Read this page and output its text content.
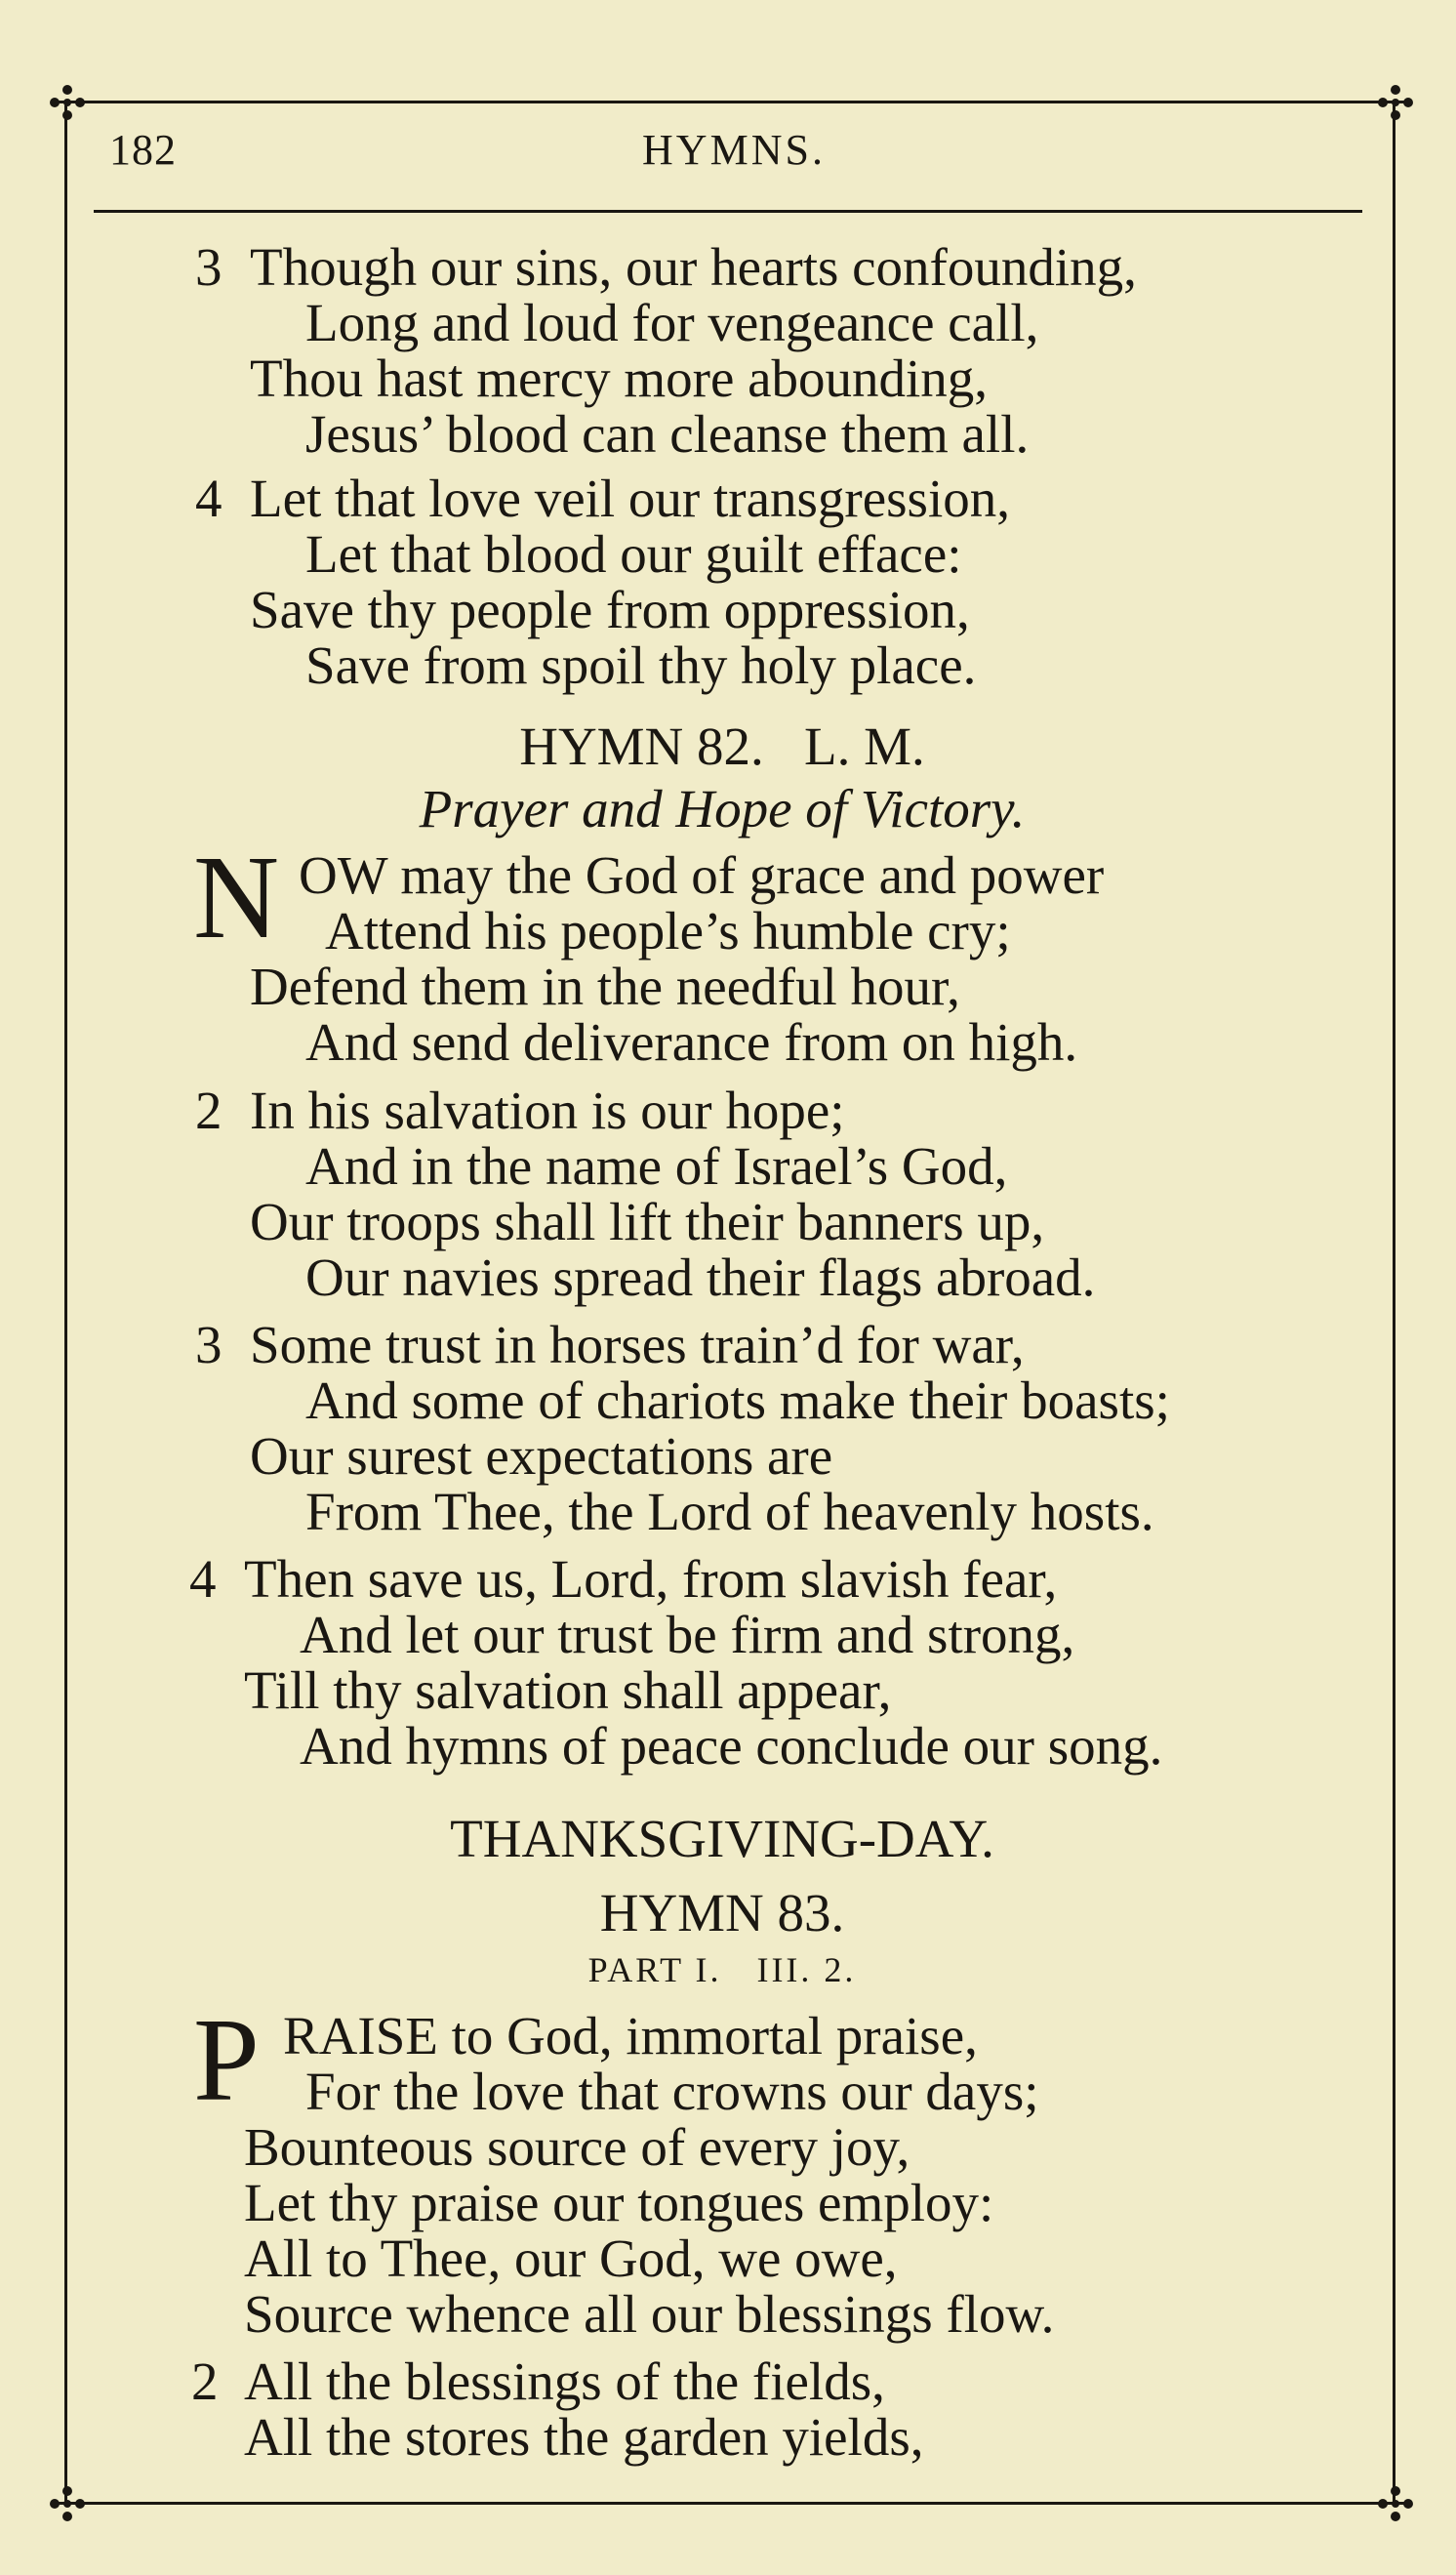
182	HYMNS.
3 Though our sins, our hearts confounding,
Long and loud for vengeance call,
Thou hast mercy more abounding,
Jesus’ blood can cleanse them all.
4 Let that love veil our transgression,
Let that blood our guilt efface:
Save thy people from oppression,
Save from spoil thy holy place.
HYMN 82.   L. M.
Prayer and Hope of Victory.
N OW may the God of grace and power
Attend his people’s humble cry;
Defend them in the needful hour,
And send deliverance from on high.
2 In his salvation is our hope;
And in the name of Israel’s God,
Our troops shall lift their banners up,
Our navies spread their flags abroad.
3 Some trust in horses train’d for war,
And some of chariots make their boasts;
Our surest expectations are
From Thee, the Lord of heavenly hosts.
4 Then save us, Lord, from slavish fear,
And let our trust be firm and strong,
Till thy salvation shall appear,
And hymns of peace conclude our song.
THANKSGIVING-DAY.
HYMN 83.
PART I.   III. 2.
P RAISE to God, immortal praise,
For the love that crowns our days;
Bounteous source of every joy,
Let thy praise our tongues employ:
All to Thee, our God, we owe,
Source whence all our blessings flow.
2 All the blessings of the fields,
All the stores the garden yields,
